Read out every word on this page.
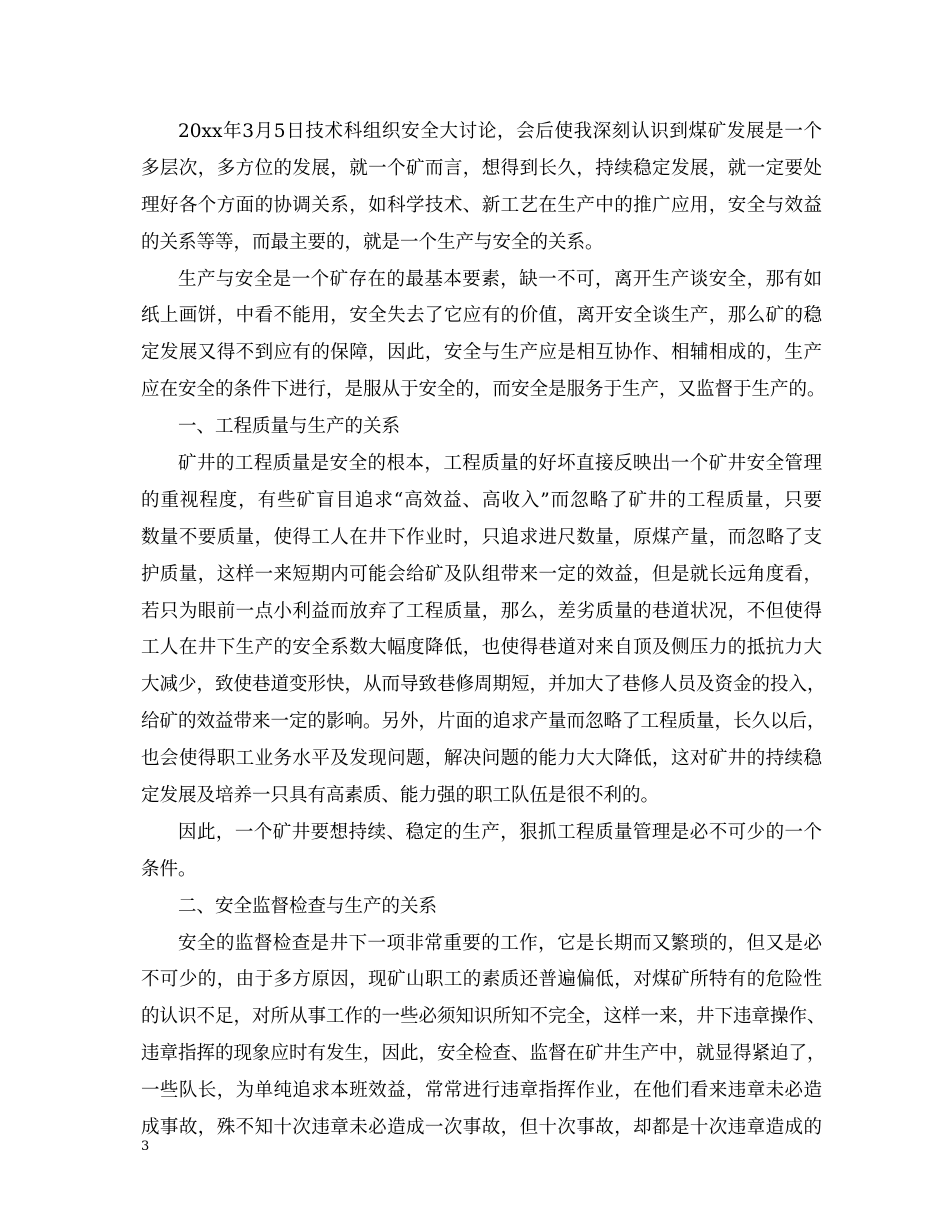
20xx年3月5日技术科组织安全大讨论，会后使我深刻认识到煤矿发展是一个
多层次，多方位的发展，就一个矿而言，想得到长久，持续稳定发展，就一定要处
理好各个方面的协调关系，如科学技术、新工艺在生产中的推广应用，安全与效益
的关系等等，而最主要的，就是一个生产与安全的关系。
生产与安全是一个矿存在的最基本要素，缺一不可，离开生产谈安全，那有如
纸上画饼，中看不能用，安全失去了它应有的价值，离开安全谈生产，那么矿的稳
定发展又得不到应有的保障，因此，安全与生产应是相互协作、相辅相成的，生产
应在安全的条件下进行，是服从于安全的，而安全是服务于生产，又监督于生产的。
一、工程质量与生产的关系
矿井的工程质量是安全的根本，工程质量的好坏直接反映出一个矿井安全管理
的重视程度，有些矿盲目追求“高效益、高收入”而忽略了矿井的工程质量，只要
数量不要质量，使得工人在井下作业时，只追求进尺数量，原煤产量，而忽略了支
护质量，这样一来短期内可能会给矿及队组带来一定的效益，但是就长远角度看，
若只为眼前一点小利益而放弃了工程质量，那么，差劣质量的巷道状况，不但使得
工人在井下生产的安全系数大幅度降低，也使得巷道对来自顶及侧压力的抵抗力大
大减少，致使巷道变形快，从而导致巷修周期短，并加大了巷修人员及资金的投入，
给矿的效益带来一定的影响。另外，片面的追求产量而忽略了工程质量，长久以后，
也会使得职工业务水平及发现问题，解决问题的能力大大降低，这对矿井的持续稳
定发展及培养一只具有高素质、能力强的职工队伍是很不利的。
因此，一个矿井要想持续、稳定的生产，狠抓工程质量管理是必不可少的一个
条件。
二、安全监督检查与生产的关系
安全的监督检查是井下一项非常重要的工作，它是长期而又繁琐的，但又是必
不可少的，由于多方原因，现矿山职工的素质还普遍偏低，对煤矿所特有的危险性
的认识不足，对所从事工作的一些必须知识所知不完全，这样一来，井下违章操作、
违章指挥的现象应时有发生，因此，安全检查、监督在矿井生产中，就显得紧迫了，
一些队长，为单纯追求本班效益，常常进行违章指挥作业，在他们看来违章未必造
成事故，殊不知十次违章未必造成一次事故，但十次事故，却都是十次违章造成的
3
